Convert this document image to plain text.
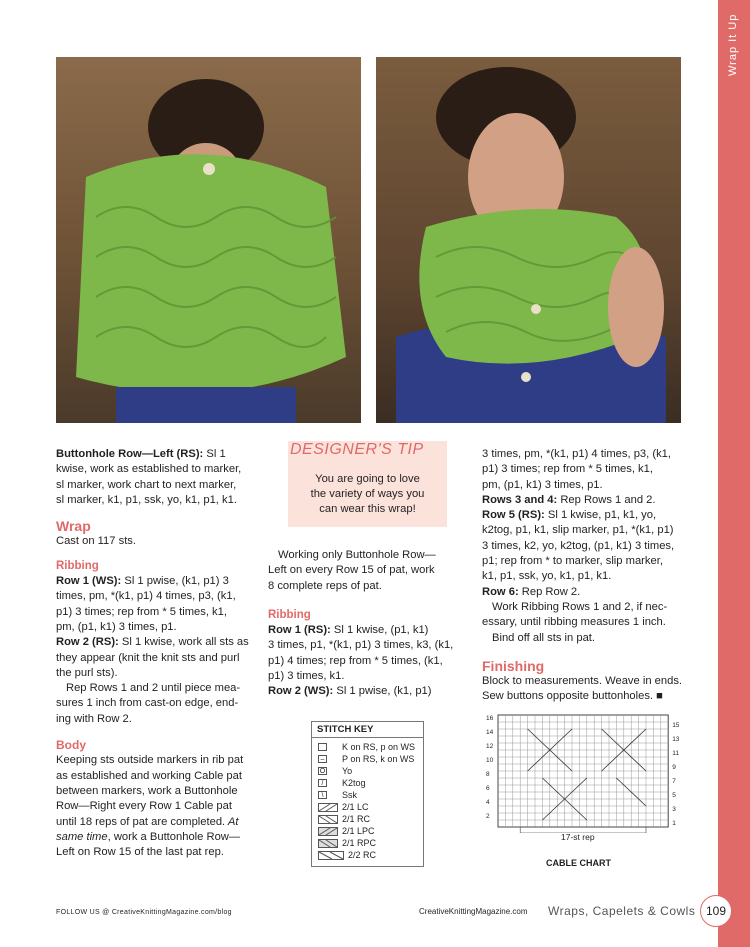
Wrap It Up

Buttonhole Row—Left (RS): Sl 1

kwise, work as established to marker,

sl marker, work chart to next marker,

sl marker, k1, p1, ssk, yo, k1, p1, k1.

Wrap

Cast on 117 sts.

Ribbing

Row 1 (WS): Sl 1 pwise, (k1, p1) 3

times, pm, *(k1, p1) 4 times, p3, (k1,

p1) 3 times; rep from * 5 times, k1,

pm, (p1, k1) 3 times, p1.

Row 2 (RS): Sl 1 kwise, work all sts as

they appear (knit the knit sts and purl

the purl sts).

Rep Rows 1 and 2 until piece mea-

sures 1 inch from cast-on edge, end-

ing with Row 2.

Body

Keeping sts outside markers in rib pat

as established and working Cable pat

between markers, work a Buttonhole

Row—Right every Row 1 Cable pat

until 18 reps of pat are completed. At

same time, work a Buttonhole Row—

Left on Row 15 of the last pat rep.

DESIGNER'S TIP
You are going to love
the variety of ways you
can wear this wrap!

Working only Buttonhole Row—

Left on every Row 15 of pat, work

8 complete reps of pat.

Ribbing

Row 1 (RS): Sl 1 kwise, (p1, k1)

3 times, p1, *(k1, p1) 3 times, k3, (k1,

p1) 4 times; rep from * 5 times, (k1,

p1) 3 times, k1.

Row 2 (WS): Sl 1 pwise, (k1, p1)

STITCH KEY
K on RS, p on WS
– P on RS, k on WS
O Yo
/	K2tog
\	Ssk
2/1 LC
2/1 RC
2/1 LPC
2/1 RPC
2/2 RC

3 times, pm, *(k1, p1) 4 times, p3, (k1,

p1) 3 times; rep from * 5 times, k1,

pm, (p1, k1) 3 times, p1.

Rows 3 and 4: Rep Rows 1 and 2.

Row 5 (RS): Sl 1 kwise, p1, k1, yo,

k2tog, p1, k1, slip marker, p1, *(k1, p1)

3 times, k2, yo, k2tog, (p1, k1) 3 times,

p1; rep from * to marker, slip marker,

k1, p1, ssk, yo, k1, p1, k1.

Row 6: Rep Row 2.

Work Ribbing Rows 1 and 2, if nec-

essary, until ribbing measures 1 inch.

Bind off all sts in pat.

Finishing

Block to measurements. Weave in ends.

Sew buttons opposite buttonholes. ■

16
14
12
10
8
6
4
2
15
13
11
9
7
5
3
1
17-st rep
CABLE CHART
FOLLOW US @ CreativeKnittingMagazine.com/blog	CreativeKnittingMagazine.com Wraps, Capelets & Cowls 109
